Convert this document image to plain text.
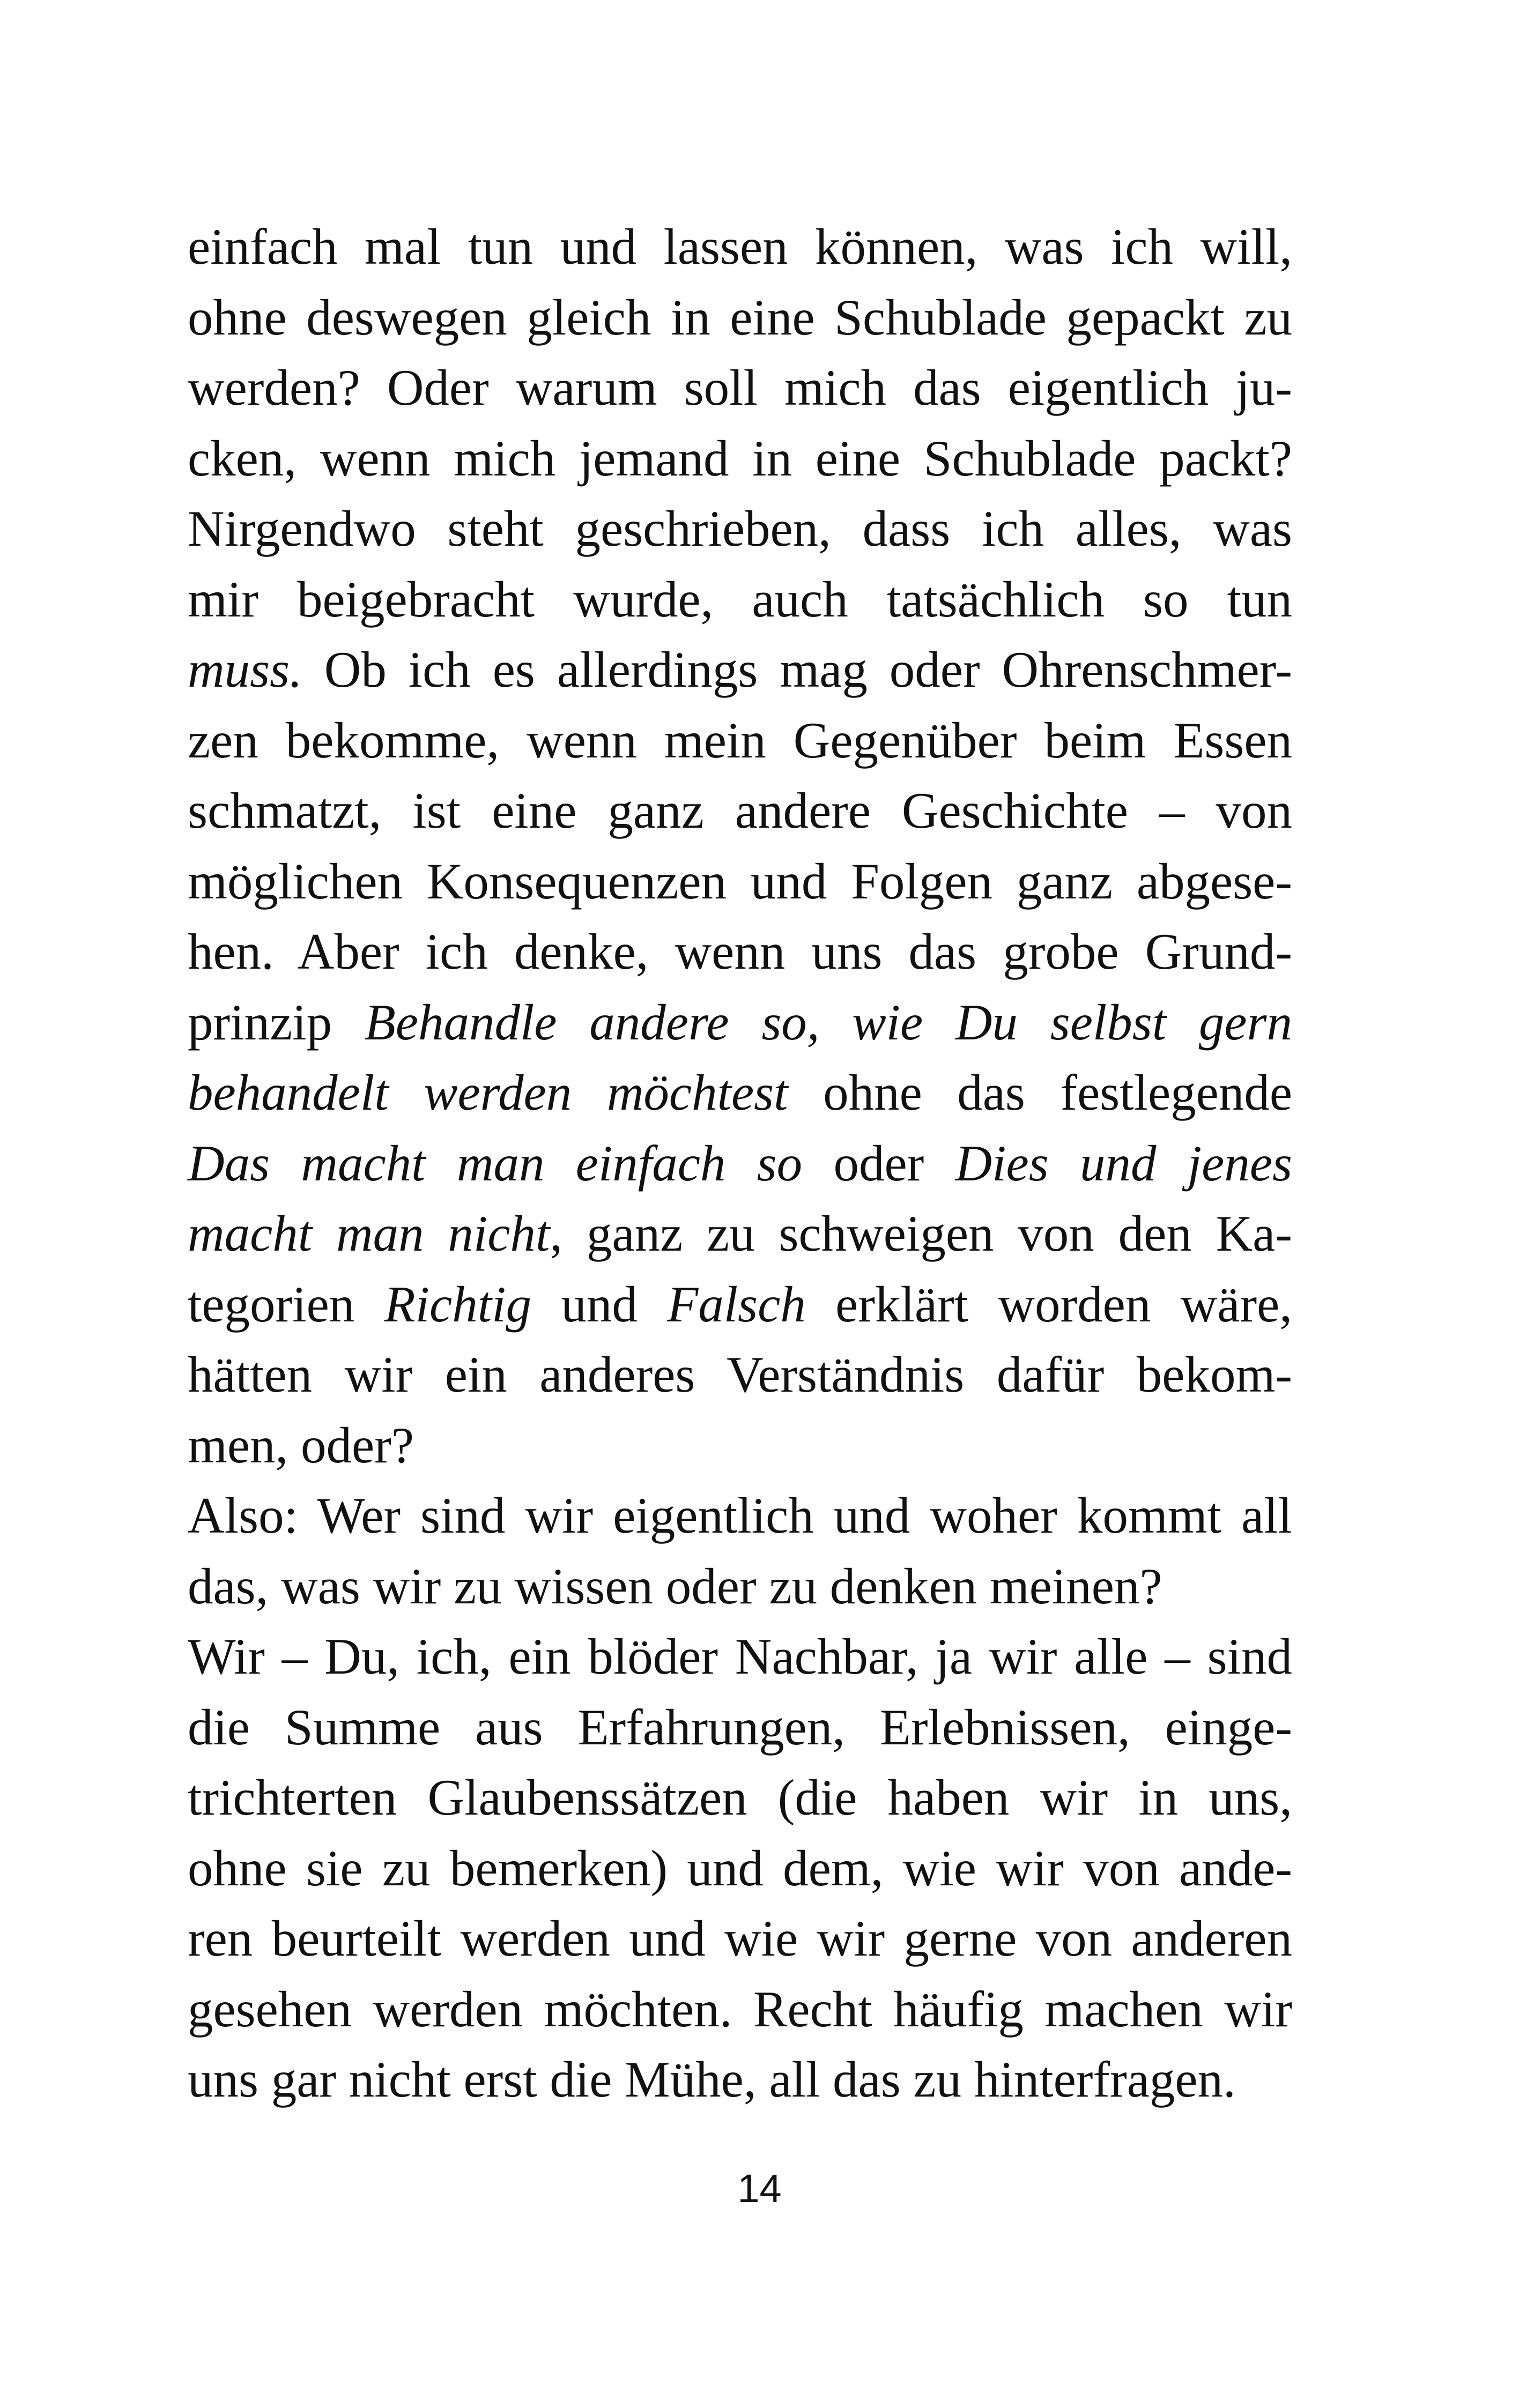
einfach mal tun und lassen können, was ich will,
ohne deswegen gleich in eine Schublade gepackt zu
werden? Oder warum soll mich das eigentlich ju-
cken, wenn mich jemand in eine Schublade packt?
Nirgendwo steht geschrieben, dass ich alles, was
mir beigebracht wurde, auch tatsächlich so tun
muss. Ob ich es allerdings mag oder Ohrenschmer-
zen bekomme, wenn mein Gegenüber beim Essen
schmatzt, ist eine ganz andere Geschichte – von
möglichen Konsequenzen und Folgen ganz abgese-
hen. Aber ich denke, wenn uns das grobe Grund-
prinzip Behandle andere so, wie Du selbst gern
behandelt werden möchtest ohne das festlegende
Das macht man einfach so oder Dies und jenes
macht man nicht, ganz zu schweigen von den Ka-
tegorien Richtig und Falsch erklärt worden wäre,
hätten wir ein anderes Verständnis dafür bekom-
men, oder?
Also: Wer sind wir eigentlich und woher kommt all
das, was wir zu wissen oder zu denken meinen?
Wir – Du, ich, ein blöder Nachbar, ja wir alle – sind
die Summe aus Erfahrungen, Erlebnissen, einge-
trichterten Glaubenssätzen (die haben wir in uns,
ohne sie zu bemerken) und dem, wie wir von ande-
ren beurteilt werden und wie wir gerne von anderen
gesehen werden möchten. Recht häufig machen wir
uns gar nicht erst die Mühe, all das zu hinterfragen.
14
